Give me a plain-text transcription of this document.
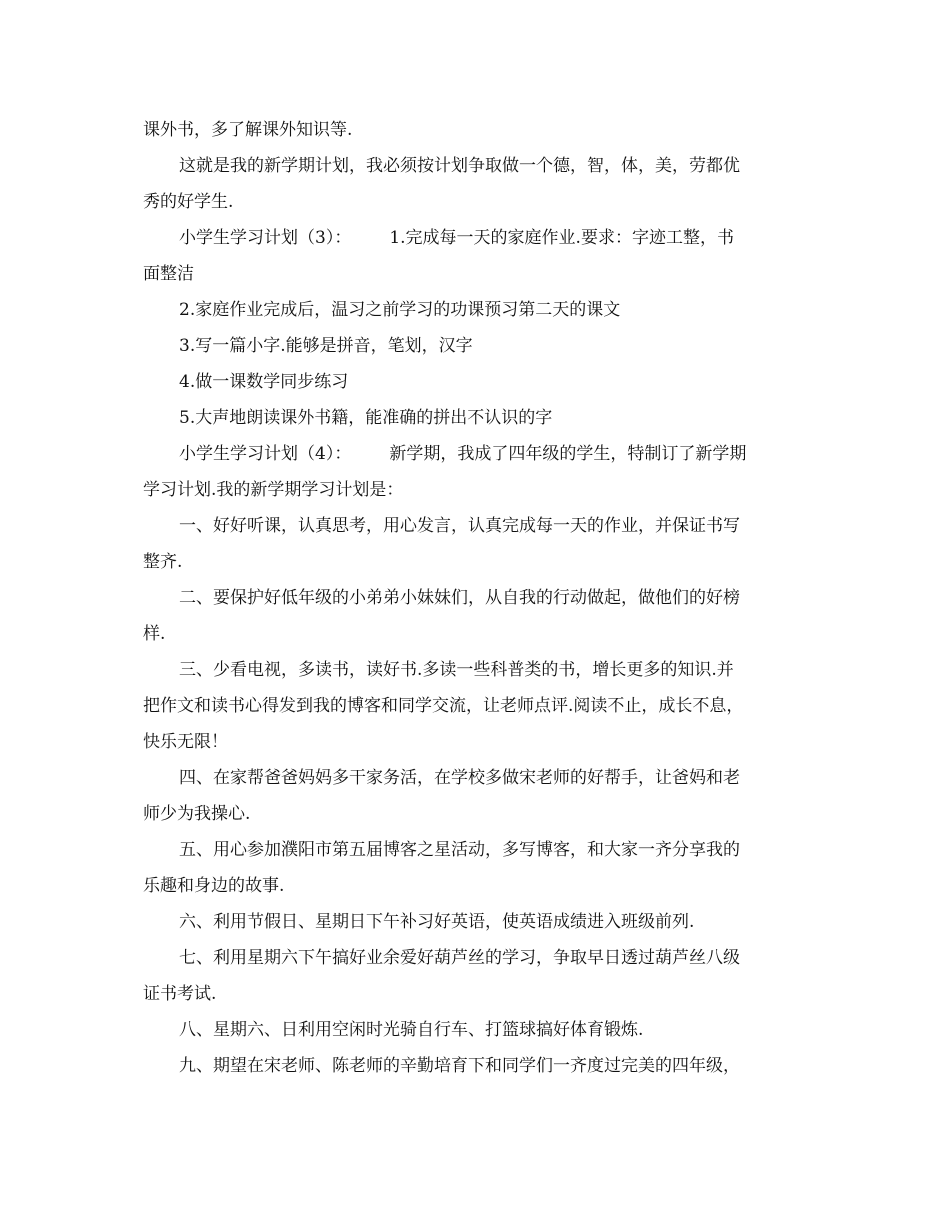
课外书，多了解课外知识等.
这就是我的新学期计划，我必须按计划争取做一个德，智，体，美，劳都优
秀的好学生.
小学生学习计划（3）： 1.完成每一天的家庭作业.要求：字迹工整，书
面整洁
2.家庭作业完成后，温习之前学习的功课预习第二天的课文
3.写一篇小字.能够是拼音，笔划，汉字
4.做一课数学同步练习
5.大声地朗读课外书籍，能准确的拼出不认识的字
小学生学习计划（4）： 新学期，我成了四年级的学生，特制订了新学期
学习计划.我的新学期学习计划是：
一、好好听课，认真思考，用心发言，认真完成每一天的作业，并保证书写
整齐.
二、要保护好低年级的小弟弟小妹妹们，从自我的行动做起，做他们的好榜
样.
三、少看电视，多读书，读好书.多读一些科普类的书，增长更多的知识.并
把作文和读书心得发到我的博客和同学交流，让老师点评.阅读不止，成长不息，
快乐无限！
四、在家帮爸爸妈妈多干家务活，在学校多做宋老师的好帮手，让爸妈和老
师少为我操心.
五、用心参加濮阳市第五届博客之星活动，多写博客，和大家一齐分享我的
乐趣和身边的故事.
六、利用节假日、星期日下午补习好英语，使英语成绩进入班级前列.
七、利用星期六下午搞好业余爱好葫芦丝的学习，争取早日透过葫芦丝八级
证书考试.
八、星期六、日利用空闲时光骑自行车、打篮球搞好体育锻炼.
九、期望在宋老师、陈老师的辛勤培育下和同学们一齐度过完美的四年级，
